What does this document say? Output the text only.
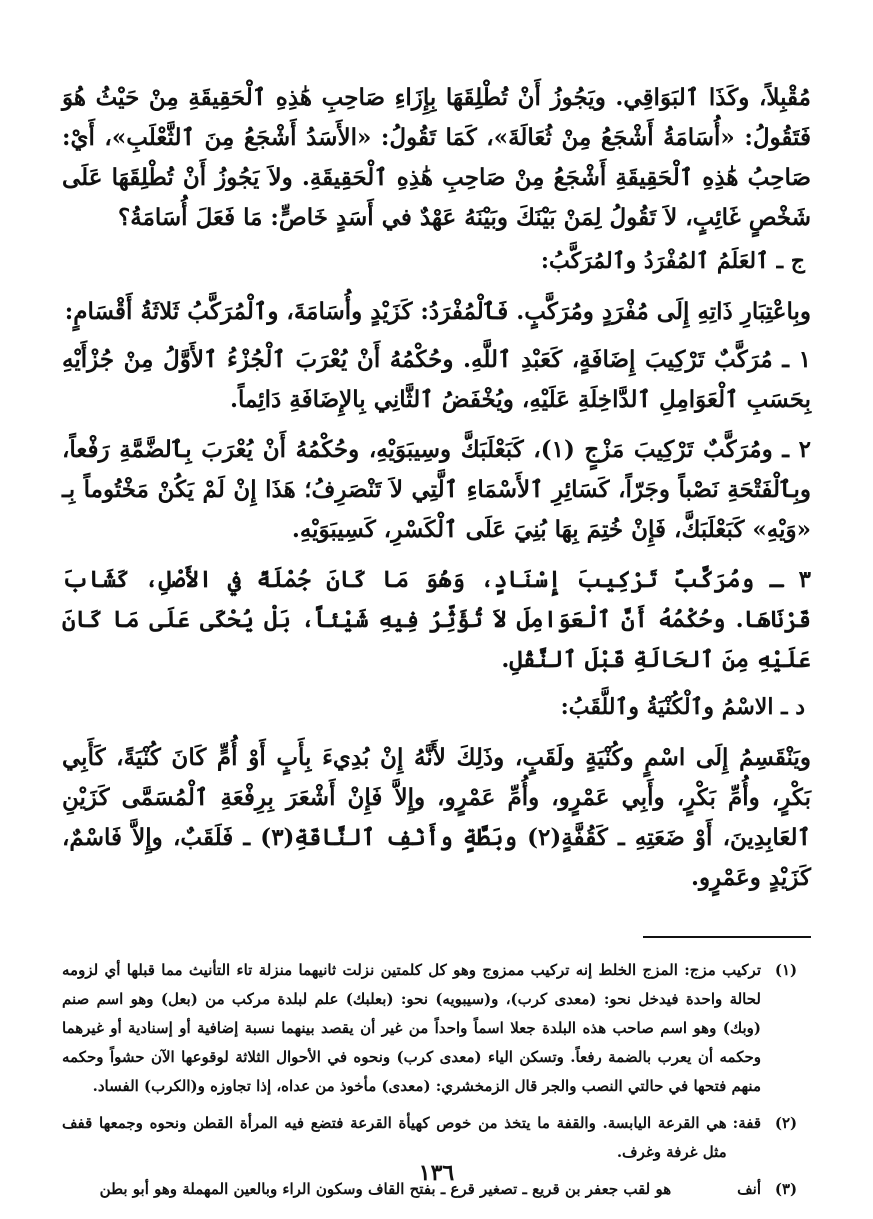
مُقْبِلاً، وكَذَا ٱلبَوَاقِي. ويَجُوزُ أَنْ تُطْلِقَهَا بِإِزَاءِ صَاحِبِ هَٰذِهِ ٱلْحَقِيقَةِ مِنْ حَيْثُ هُوَ فَتَقُولُ: «أُسَامَةُ أَشْجَعُ مِنْ ثُعَالَةَ»، كَمَا تَقُولُ: «الأَسَدُ أَشْجَعُ مِنَ ٱلثَّعْلَبِ»، أَيْ: صَاحِبُ هَٰذِهِ ٱلْحَقِيقَةِ أَشْجَعُ مِنْ صَاحِبِ هَٰذِهِ ٱلْحَقِيقَةِ. ولاَ يَجُوزُ أَنْ تُطْلِقَهَا عَلَى شَخْصٍ غَائِبٍ، لاَ تَقُولُ لِمَنْ بَيْنَكَ وبَيْنَهُ عَهْدٌ في أَسَدٍ خَاصٍّ: مَا فَعَلَ أُسَامَةُ؟

ج ـ ٱلعَلَمُ ٱلمُفْرَدُ وٱلمُرَكَّبُ:

وبِاعْتِبَارِ ذَاتِهِ إِلَى مُفْرَدٍ ومُرَكَّبٍ. فَٱلْمُفْرَدُ: كَزَيْدٍ وأُسَامَةَ، وٱلْمُرَكَّبُ ثَلاثَةُ أَقْسَامٍ:

١ ـ مُرَكَّبٌ تَرْكِيبَ إِضَافَةٍ، كَعَبْدِ ٱللَّهِ. وحُكْمُهُ أَنْ يُعْرَبَ ٱلْجُزْءُ ٱلأَوَّلُ مِنْ جُزْأَيْهِ بِحَسَبِ ٱلْعَوَامِلِ ٱلدَّاخِلَةِ عَلَيْهِ، ويُخْفَضُ ٱلثَّانِي بِالإِضَافَةِ دَائِماً.

٢ ـ ومُرَكَّبٌ تَرْكِيبَ مَزْجٍ (١)، كَبَعْلَبَكَّ وسِيبَوَيْهِ، وحُكْمُهُ أَنْ يُعْرَبَ بِٱلضَّمَّةِ رَفْعاً، وبِٱلْفَتْحَةِ نَصْباً وجَرّاً، كَسَائِرِ ٱلأَسْمَاءِ ٱلَّتِي لاَ تَنْصَرِفُ؛ هَذَا إِنْ لَمْ يَكُنْ مَخْتُوماً بِـ «وَيْهِ» كَبَعْلَبَكَّ، فَإِنْ خُتِمَ بِهَا بُنِيَ عَلَى ٱلْكَسْرِ، كَسِيبَوَيْهِ.

٣ ـ ومُرَكَّبٌ تَرْكِيبَ إِسْنَادٍ، وَهُوَ مَا كَانَ جُمْلَةً في الأَصْلِ، كَشَابَ قَرْنَاهَا. وحُكْمُهُ أَنَّ ٱلْعَوَامِلَ لاَ تُؤَثِّرُ فِيهِ شَيْئاً، بَلْ يُحْكَى عَلَى مَا كَانَ عَلَيْهِ مِنَ ٱلحَالَةِ قَبْلَ ٱلنَّقْلِ.

د ـ الاسْمُ وٱلْكُنْيَةُ وٱللَّقَبُ:

ويَنْقَسِمُ إِلَى اسْمٍ وكُنْيَةٍ ولَقَبٍ، وذَلِكَ لأَنَّهُ إِنْ بُدِيءَ بِأَبٍ أَوْ أُمٍّ كَانَ كُنْيَةً، كَأَبِي بَكْرٍ، وأُمِّ بَكْرٍ، وأَبِي عَمْرٍو، وأُمِّ عَمْرٍو، وإِلاَّ فَإِنْ أَشْعَرَ بِرِفْعَةِ ٱلْمُسَمَّى كَزَيْنِ ٱلعَابِدِينَ، أَوْ ضَعَتِهِ ـ كَقُفَّةٍ(٢) وبَطَّةٍ وأَنْفِ ٱلنَّاقَةِ(٣) ـ فَلَقَبٌ، وإِلاَّ فَاسْمٌ، كَزَيْدٍ وعَمْرٍو.

(١)
تركيب مزج: المزج الخلط إنه تركيب ممزوج وهو كل كلمتين نزلت ثانيهما منزلة تاء التأنيث مما قبلها أي لزومه لحالة واحدة فيدخل نحو: (معدى كرب)، و(سيبويه) نحو: (بعلبك) علم لبلدة مركب من (بعل) وهو اسم صنم (وبك) وهو اسم صاحب هذه البلدة جعلا اسماً واحداً من غير أن يقصد بينهما نسبة إضافية أو إسنادية أو غيرهما وحكمه أن يعرب بالضمة رفعاً. وتسكن الياء (معدى كرب) ونحوه في الأحوال الثلاثة لوقوعها الآن حشواً وحكمه منهم فتحها في حالتي النصب والجر قال الزمخشري: (معدى) مأخوذ من عداه، إذا تجاوزه و(الكرب) الفساد.
(٢)
قفة:
هي القرعة اليابسة. والقفة ما يتخذ من خوص كهيأة القرعة فتضع فيه المرأة القطن ونحوه وجمعها قفف مثل غرفة وغرف.
(٣)
أنف
هو لقب جعفر بن قريع ـ تصغير قرع ـ بفتح القاف وسكون الراء وبالعين المهملة وهو أبو بطن
١٣٦
